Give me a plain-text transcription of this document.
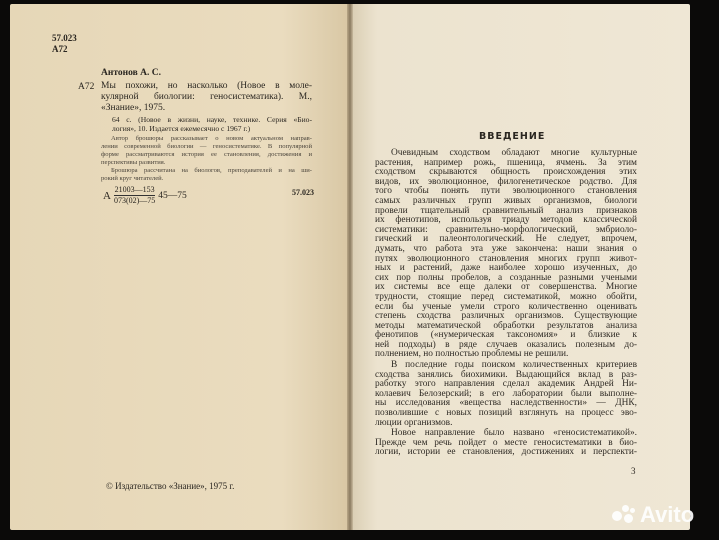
57.023
A72
Антонов А. С.
A72 Мы похожи, но насколько (Новое в моле-
кулярной биологии: геносистематика). М.,
«Знание», 1975.
64 с. (Новое в жизни, науке, технике. Серия «Био-
логия», 10. Издается ежемесячно с 1967 г.)
Автор брошюры рассказывает о новом актуальном направ-
лении современной биологии — геносистематике. В популярной
форме рассматриваются история ее становления, достижения и
перспективы развития.
Брошюра рассчитана на биологов, преподавателей и на ши-
рокий круг читателей.
А $\frac{21003—153}{073(02)—75}$ 45—75	57.023
© Издательство «Знание», 1975 г.
ВВЕДЕНИЕ
Очевидным сходством обладают многие культурные
растения, например рожь, пшеница, ячмень. За этим
сходством скрываются общность происхождения этих
видов, их эволюционное, филогенетическое родство. Для
того чтобы понять пути эволюционного становления
самых различных групп живых организмов, биологи
провели тщательный сравнительный анализ признаков
их фенотипов, используя триаду методов классической
систематики: сравнительно-морфологический, эмбриоло-
гический и палеонтологический. Не следует, впрочем,
думать, что работа эта уже закончена: наши знания о
путях эволюционного становления многих групп живот-
ных и растений, даже наиболее хорошо изученных, до
сих пор полны пробелов, а созданные разными учеными
их системы все еще далеки от совершенства. Многие
трудности, стоящие перед систематикой, можно обойти,
если бы ученые умели строго количественно оценивать
степень сходства различных организмов. Существующие
методы математической обработки результатов анализа
фенотипов («нумерическая таксономия» и близкие к
ней подходы) в ряде случаев оказались полезным до-
полнением, но полностью проблемы не решили.
В последние годы поиском количественных критериев
сходства занялись биохимики. Выдающийся вклад в раз-
работку этого направления сделал академик Андрей Ни-
колаевич Белозерский; в его лаборатории были выполне-
ны исследования «вещества наследственности» — ДНК,
позволившие с новых позиций взглянуть на процесс эво-
люции организмов.
Новое направление было названо «геносистематикой».
Прежде чем речь пойдет о месте геносистематики в био-
логии, истории ее становления, достижениях и перспекти-
3
Avito
